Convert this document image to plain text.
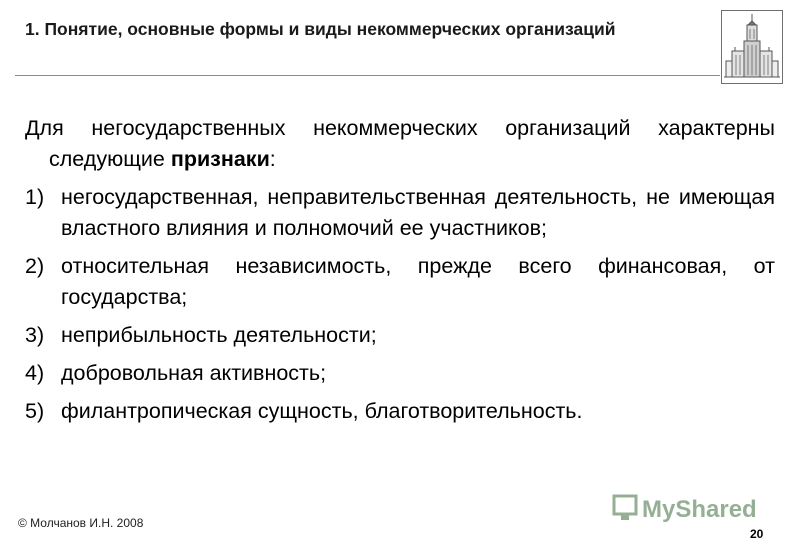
1. Понятие, основные формы и виды некоммерческих организаций
Для негосударственных некоммерческих организаций характерны следующие признаки:
1) негосударственная, неправительственная деятельность, не имеющая властного влияния и полномочий ее участников;
2) относительная независимость, прежде всего финансовая, от государства;
3) неприбыльность деятельности;
4) добровольная активность;
5) филантропическая сущность, благотворительность.
MyShared
© Молчанов И.Н. 2008
20
